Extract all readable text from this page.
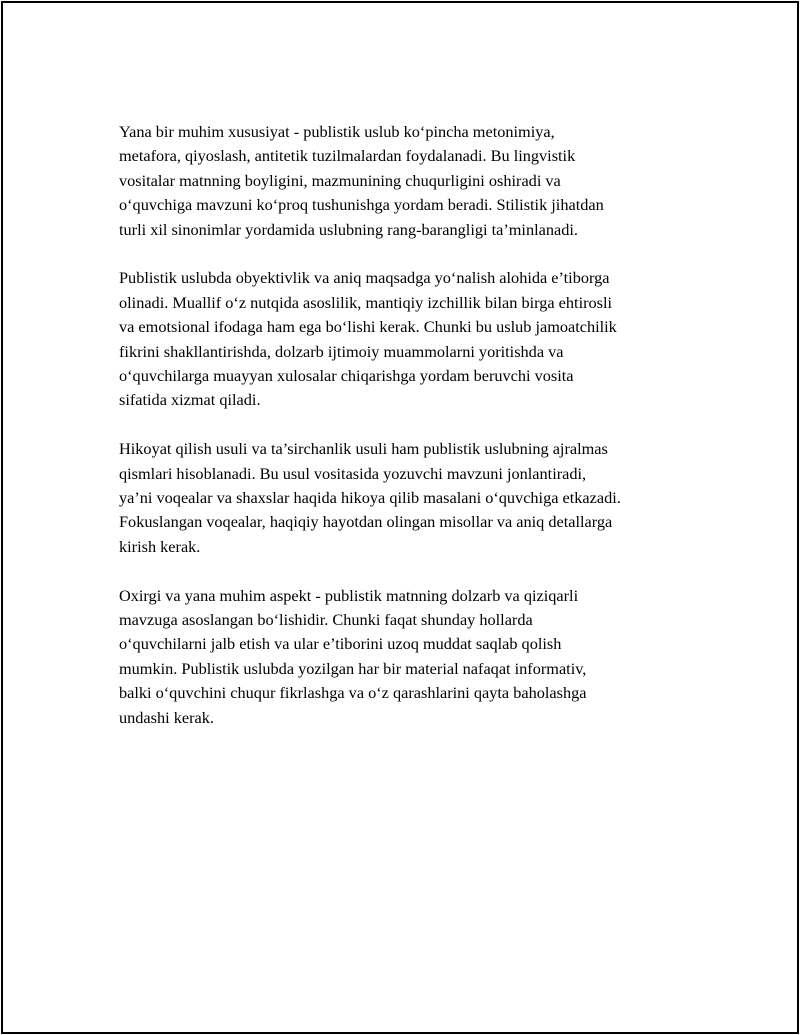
Yana bir muhim xususiyat - publistik uslub ko‘pincha metonimiya,
metafora, qiyoslash, antitetik tuzilmalardan foydalanadi. Bu lingvistik
vositalar matnning boyligini, mazmunining chuqurligini oshiradi va
o‘quvchiga mavzuni ko‘proq tushunishga yordam beradi. Stilistik jihatdan
turli xil sinonimlar yordamida uslubning rang-barangligi ta’minlanadi.

Publistik uslubda obyektivlik va aniq maqsadga yo‘nalish alohida e’tiborga
olinadi. Muallif o‘z nutqida asoslilik, mantiqiy izchillik bilan birga ehtirosli
va emotsional ifodaga ham ega bo‘lishi kerak. Chunki bu uslub jamoatchilik
fikrini shakllantirishda, dolzarb ijtimoiy muammolarni yoritishda va
o‘quvchilarga muayyan xulosalar chiqarishga yordam beruvchi vosita
sifatida xizmat qiladi.

Hikoyat qilish usuli va ta’sirchanlik usuli ham publistik uslubning ajralmas
qismlari hisoblanadi. Bu usul vositasida yozuvchi mavzuni jonlantiradi,
ya’ni voqealar va shaxslar haqida hikoya qilib masalani o‘quvchiga etkazadi.
Fokuslangan voqealar, haqiqiy hayotdan olingan misollar va aniq detallarga
kirish kerak.

Oxirgi va yana muhim aspekt - publistik matnning dolzarb va qiziqarli
mavzuga asoslangan bo‘lishidir. Chunki faqat shunday hollarda
o‘quvchilarni jalb etish va ular e’tiborini uzoq muddat saqlab qolish
mumkin. Publistik uslubda yozilgan har bir material nafaqat informativ,
balki o‘quvchini chuqur fikrlashga va o‘z qarashlarini qayta baholashga
undashi kerak.
